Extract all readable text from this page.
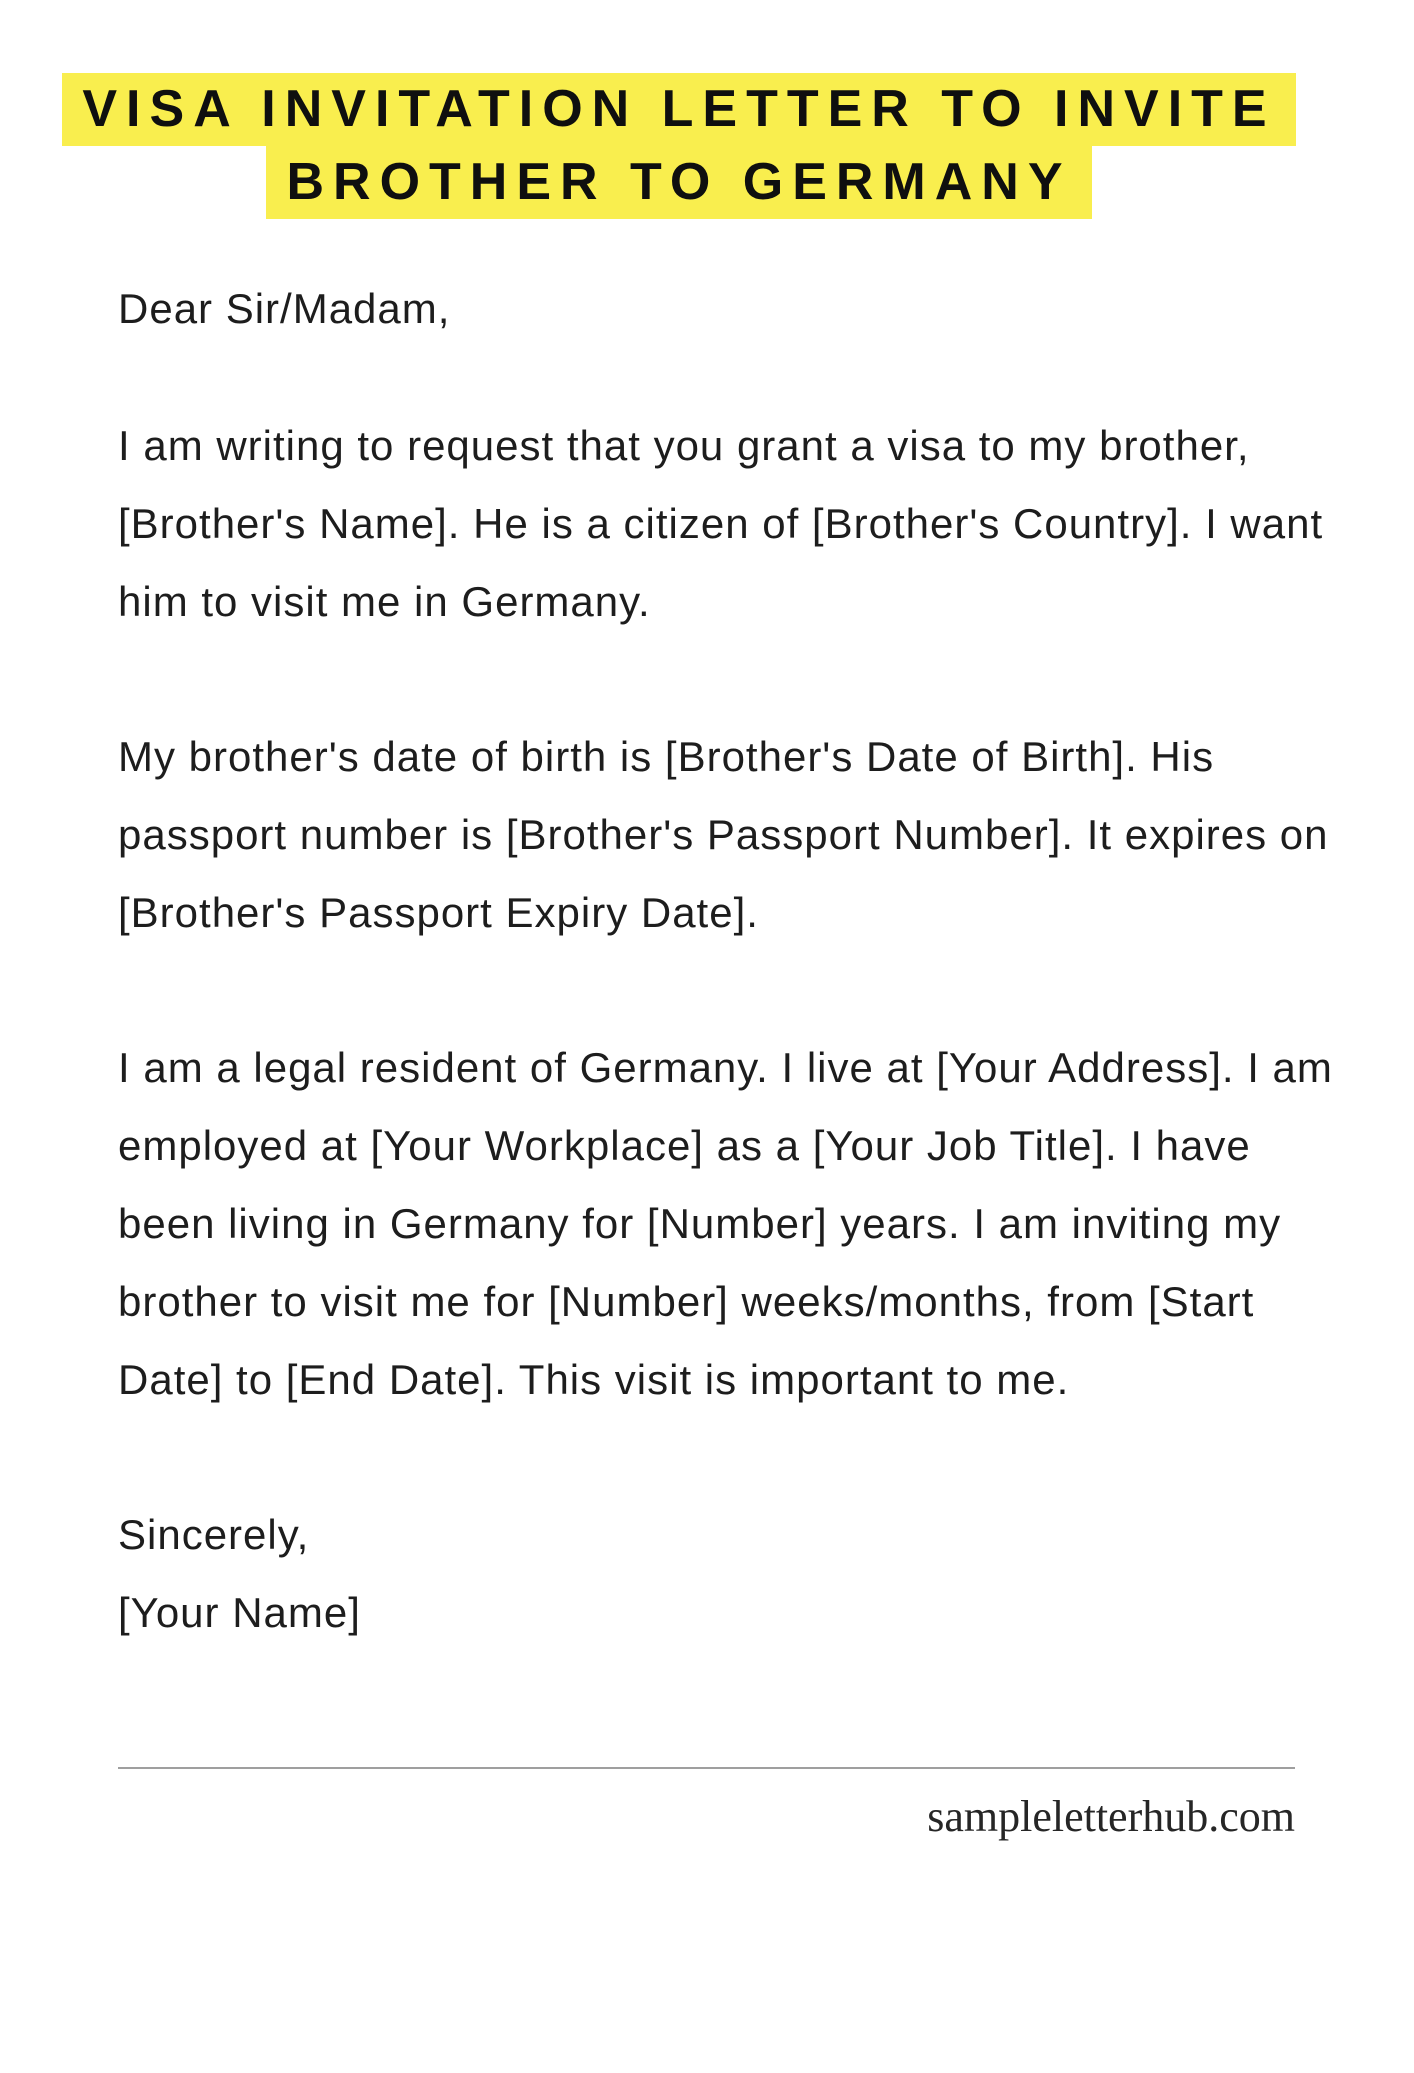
VISA INVITATION LETTER TO INVITE
BROTHER TO GERMANY

Dear Sir/Madam,

I am writing to request that you grant a visa to my brother, [Brother's Name]. He is a citizen of [Brother's Country]. I want him to visit me in Germany.

My brother's date of birth is [Brother's Date of Birth]. His passport number is [Brother's Passport Number]. It expires on [Brother's Passport Expiry Date].

I am a legal resident of Germany. I live at [Your Address]. I am employed at [Your Workplace] as a [Your Job Title]. I have been living in Germany for [Number] years. I am inviting my brother to visit me for [Number] weeks/months, from [Start Date] to [End Date]. This visit is important to me.

Sincerely,
[Your Name]

sampleletterhub.com
